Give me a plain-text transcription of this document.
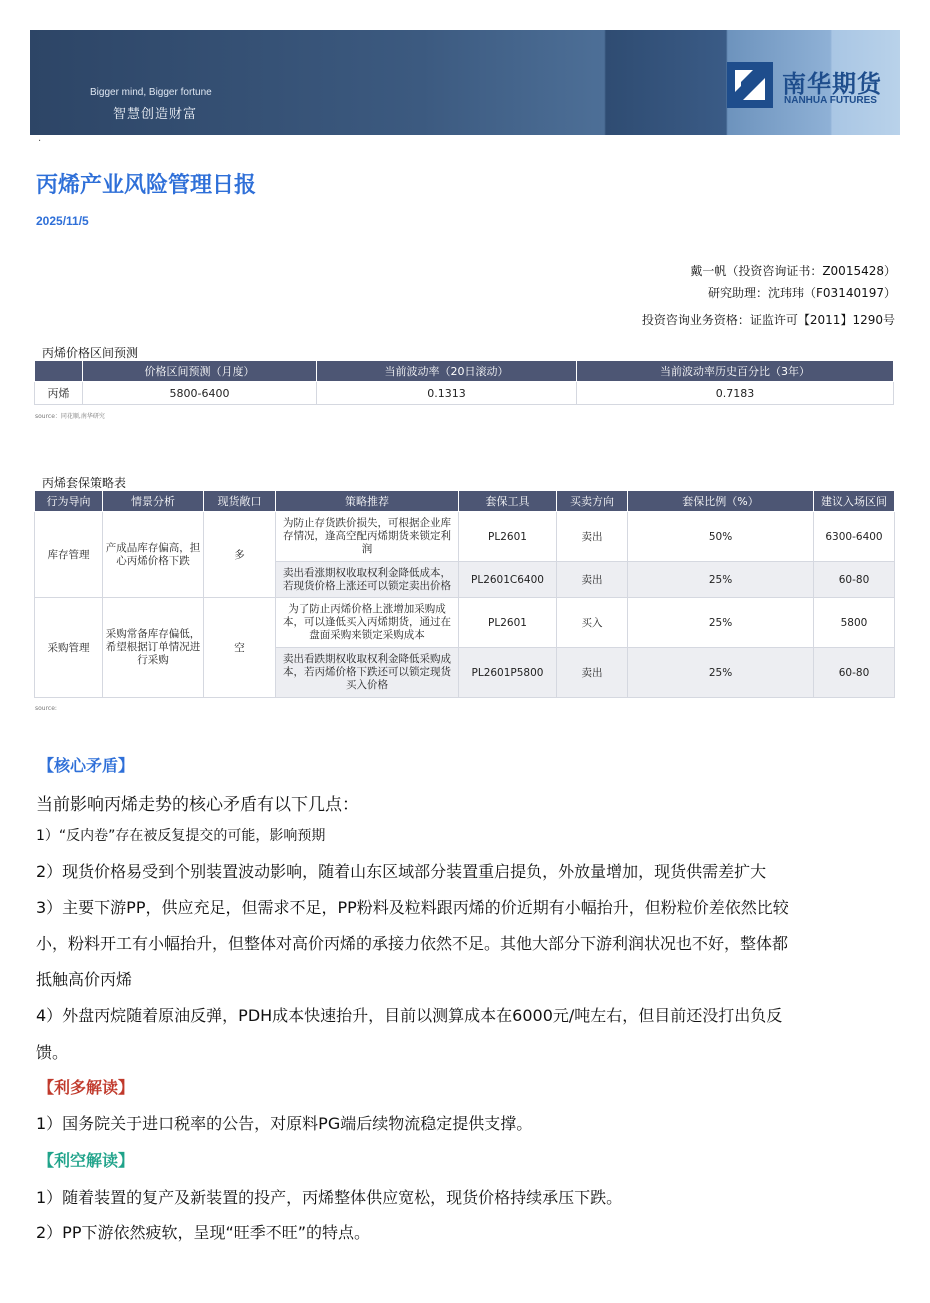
Bigger mind, Bigger fortune
智慧创造财富
南华期货
NANHUA FUTURES
·
丙烯产业风险管理日报
2025/11/5
戴一帆（投资咨询证书：Z0015428）
研究助理：沈玮玮（F03140197）
投资咨询业务资格：证监许可【2011】1290号
丙烯价格区间预测
	价格区间预测（月度）	当前波动率（20日滚动）	当前波动率历史百分比（3年）
丙烯	5800-6400	0.1313	0.7183
source：同花顺,南华研究
丙烯套保策略表
行为导向	情景分析	现货敞口	策略推荐	套保工具	买卖方向	套保比例（%）	建议入场区间
库存管理	产成品库存偏高，担心丙烯价格下跌	多	为防止存货跌价损失，可根据企业库存情况，逢高空配丙烯期货来锁定利润	PL2601	卖出	50%	6300-6400
			卖出看涨期权收取权利金降低成本，若现货价格上涨还可以锁定卖出价格	PL2601C6400	卖出	25%	60-80
采购管理	采购常备库存偏低，希望根据订单情况进行采购	空	为了防止丙烯价格上涨增加采购成本，可以逢低买入丙烯期货，通过在盘面采购来锁定采购成本	PL2601	买入	25%	5800
			卖出看跌期权收取权利金降低采购成本，若丙烯价格下跌还可以锁定现货买入价格	PL2601P5800	卖出	25%	60-80
source:
【核心矛盾】
当前影响丙烯走势的核心矛盾有以下几点：
1）“反内卷”存在被反复提交的可能，影响预期
2）现货价格易受到个别装置波动影响，随着山东区域部分装置重启提负，外放量增加，现货供需差扩大
3）主要下游PP，供应充足，但需求不足，PP粉料及粒料跟丙烯的价近期有小幅抬升，但粉粒价差依然比较
小，粉料开工有小幅抬升，但整体对高价丙烯的承接力依然不足。其他大部分下游利润状况也不好，整体都
抵触高价丙烯
4）外盘丙烷随着原油反弹，PDH成本快速抬升，目前以测算成本在6000元/吨左右，但目前还没打出负反
馈。
【利多解读】
1）国务院关于进口税率的公告，对原料PG端后续物流稳定提供支撑。
【利空解读】
1）随着装置的复产及新装置的投产，丙烯整体供应宽松，现货价格持续承压下跌。
2）PP下游依然疲软，呈现“旺季不旺”的特点。
